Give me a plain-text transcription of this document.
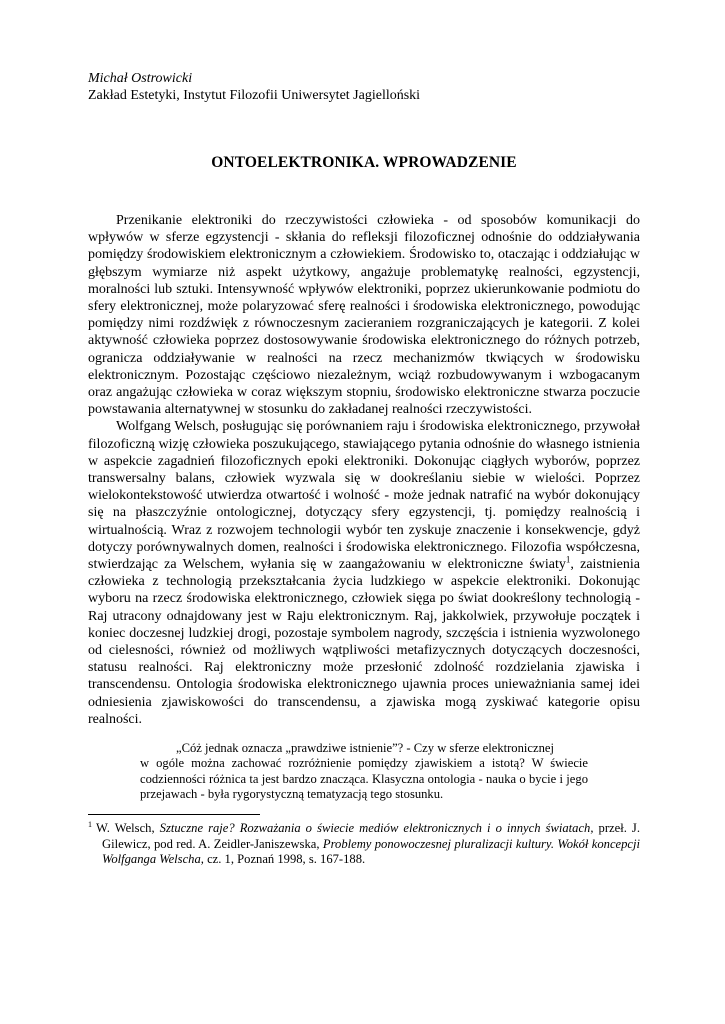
Michał Ostrowicki
Zakład Estetyki, Instytut Filozofii Uniwersytet Jagielloński
ONTOELEKTRONIKA. WPROWADZENIE

Przenikanie elektroniki do rzeczywistości człowieka - od sposobów komunikacji do wpływów w sferze egzystencji - skłania do refleksji filozoficznej odnośnie do oddziaływania pomiędzy środowiskiem elektronicznym a człowiekiem. Środowisko to, otaczając i oddziałując w głębszym wymiarze niż aspekt użytkowy, angażuje problematykę realności, egzystencji, moralności lub sztuki. Intensywność wpływów elektroniki, poprzez ukierunkowanie podmiotu do sfery elektronicznej, może polaryzować sferę realności i środowiska elektronicznego, powodując pomiędzy nimi rozdźwięk z równoczesnym zacieraniem rozgraniczających je kategorii. Z kolei aktywność człowieka poprzez dostosowywanie środowiska elektronicznego do różnych potrzeb, ogranicza oddziaływanie w realności na rzecz mechanizmów tkwiących w środowisku elektronicznym. Pozostając częściowo niezależnym, wciąż rozbudowywanym i wzbogacanym oraz angażując człowieka w coraz większym stopniu, środowisko elektroniczne stwarza poczucie powstawania alternatywnej w stosunku do zakładanej realności rzeczywistości.

Wolfgang Welsch, posługując się porównaniem raju i środowiska elektronicznego, przywołał filozoficzną wizję człowieka poszukującego, stawiającego pytania odnośnie do własnego istnienia w aspekcie zagadnień filozoficznych epoki elektroniki. Dokonując ciągłych wyborów, poprzez transwersalny balans, człowiek wyzwala się w dookreślaniu siebie w wielości. Poprzez wielokontekstowość utwierdza otwartość i wolność - może jednak natrafić na wybór dokonujący się na płaszczyźnie ontologicznej, dotyczący sfery egzystencji, tj. pomiędzy realnością i wirtualnością. Wraz z rozwojem technologii wybór ten zyskuje znaczenie i konsekwencje, gdyż dotyczy porównywalnych domen, realności i środowiska elektronicznego. Filozofia współczesna, stwierdzając za Welschem, wyłania się w zaangażowaniu w elektroniczne światy$^1$, zaistnienia człowieka z technologią przekształcania życia ludzkiego w aspekcie elektroniki. Dokonując wyboru na rzecz środowiska elektronicznego, człowiek sięga po świat dookreślony technologią - Raj utracony odnajdowany jest w Raju elektronicznym. Raj, jakkolwiek, przywołuje początek i koniec doczesnej ludzkiej drogi, pozostaje symbolem nagrody, szczęścia i istnienia wyzwolonego od cielesności, również od możliwych wątpliwości metafizycznych dotyczących doczesności, statusu realności. Raj elektroniczny może przesłonić zdolność rozdzielania zjawiska i transcendensu. Ontologia środowiska elektronicznego ujawnia proces unieważniania samej idei odniesienia zjawiskowości do transcendensu, a zjawiska mogą zyskiwać kategorie opisu realności.

„Cóż jednak oznacza „prawdziwe istnienie”? - Czy w sferze elektronicznej
w ogóle można zachować rozróżnienie pomiędzy zjawiskiem a istotą? W świecie codzienności różnica ta jest bardzo znacząca. Klasyczna ontologia - nauka o bycie i jego przejawach - była rygorystyczną tematyzacją tego stosunku.
$^1$ W. Welsch, Sztuczne raje? Rozważania o świecie mediów elektronicznych i o innych światach, przeł. J. Gilewicz, pod red. A. Zeidler-Janiszewska, Problemy ponowoczesnej pluralizacji kultury. Wokół koncepcji Wolfganga Welscha, cz. 1, Poznań 1998, s. 167-188.
